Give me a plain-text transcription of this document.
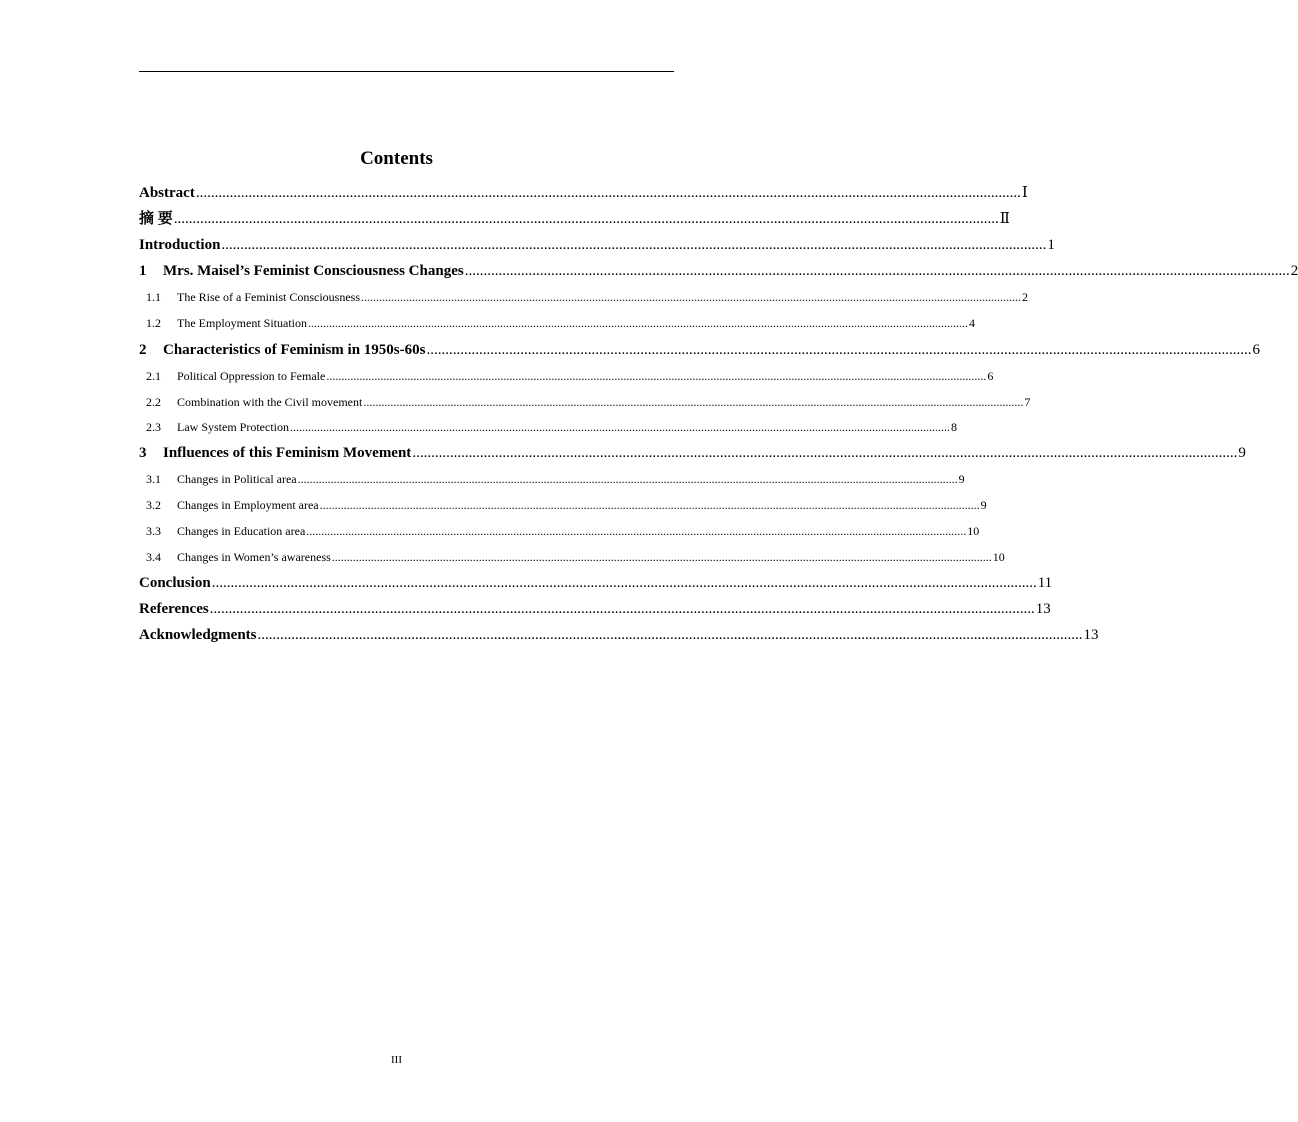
Contents
Abstract ............................................................................................................................................................................................................................ Ⅰ
摘 要 ............................................................................................................................................................................................................................ Ⅱ
Introduction ............................................................................................................................................................................................................................ 1
1	Mrs. Maisel’s Feminist Consciousness Changes ............................................................................................................................................................................................................................ 2
1.1	The Rise of a Feminist Consciousness ............................................................................................................................................................................................................................ 2
1.2	The Employment Situation ............................................................................................................................................................................................................................ 4
2	Characteristics of Feminism in 1950s-60s ............................................................................................................................................................................................................................ 6
2.1	Political Oppression to Female ............................................................................................................................................................................................................................ 6
2.2	Combination with the Civil movement ............................................................................................................................................................................................................................ 7
2.3	Law System Protection ............................................................................................................................................................................................................................ 8
3	Influences of this Feminism Movement ............................................................................................................................................................................................................................ 9
3.1	Changes in Political area ............................................................................................................................................................................................................................ 9
3.2	Changes in Employment area ............................................................................................................................................................................................................................ 9
3.3	Changes in Education area ............................................................................................................................................................................................................................ 10
3.4	Changes in Women’s awareness ............................................................................................................................................................................................................................ 10
Conclusion ............................................................................................................................................................................................................................ 11
References ............................................................................................................................................................................................................................ 13
Acknowledgments ............................................................................................................................................................................................................................ 13
III
